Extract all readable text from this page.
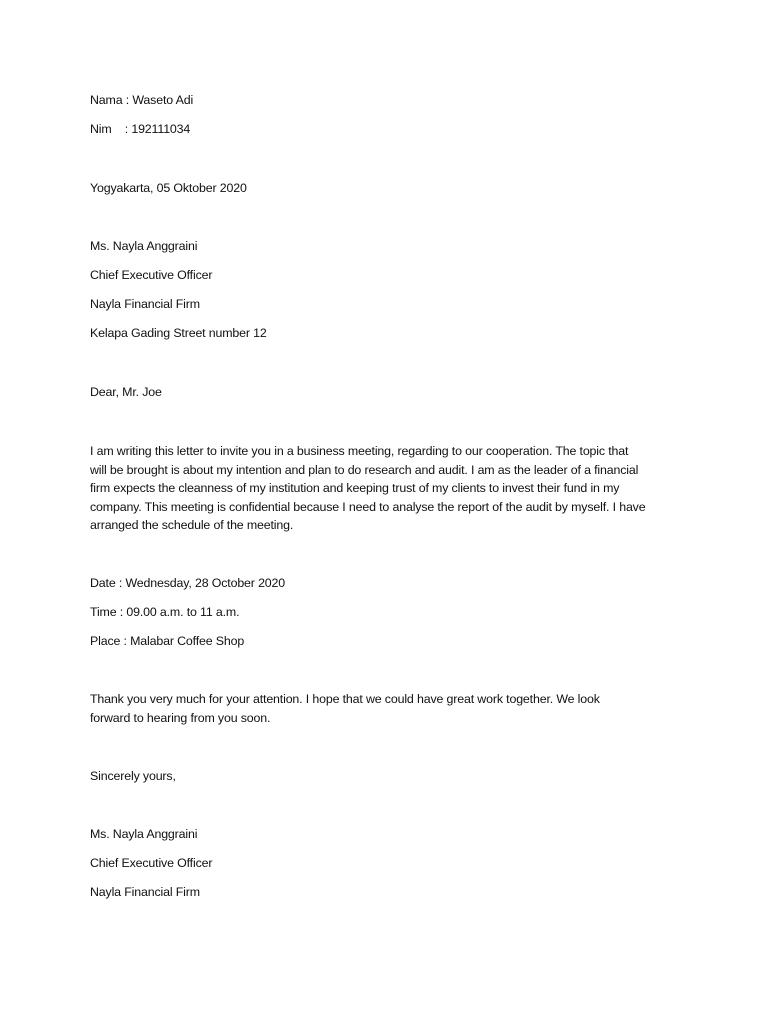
Nama : Waseto Adi
Nim    : 192111034
Yogyakarta, 05 Oktober 2020
Ms. Nayla Anggraini
Chief Executive Officer
Nayla Financial Firm
Kelapa Gading Street number 12
Dear, Mr. Joe
I am writing this letter to invite you in a business meeting, regarding to our cooperation. The topic that
will be brought is about my intention and plan to do research and audit. I am as the leader of a financial
firm expects the cleanness of my institution and keeping trust of my clients to invest their fund in my
company. This meeting is confidential because I need to analyse the report of the audit by myself. I have
arranged the schedule of the meeting.
Date : Wednesday, 28 October 2020
Time : 09.00 a.m. to 11 a.m.
Place : Malabar Coffee Shop
Thank you very much for your attention. I hope that we could have great work together. We look
forward to hearing from you soon.
Sincerely yours,
Ms. Nayla Anggraini
Chief Executive Officer
Nayla Financial Firm
